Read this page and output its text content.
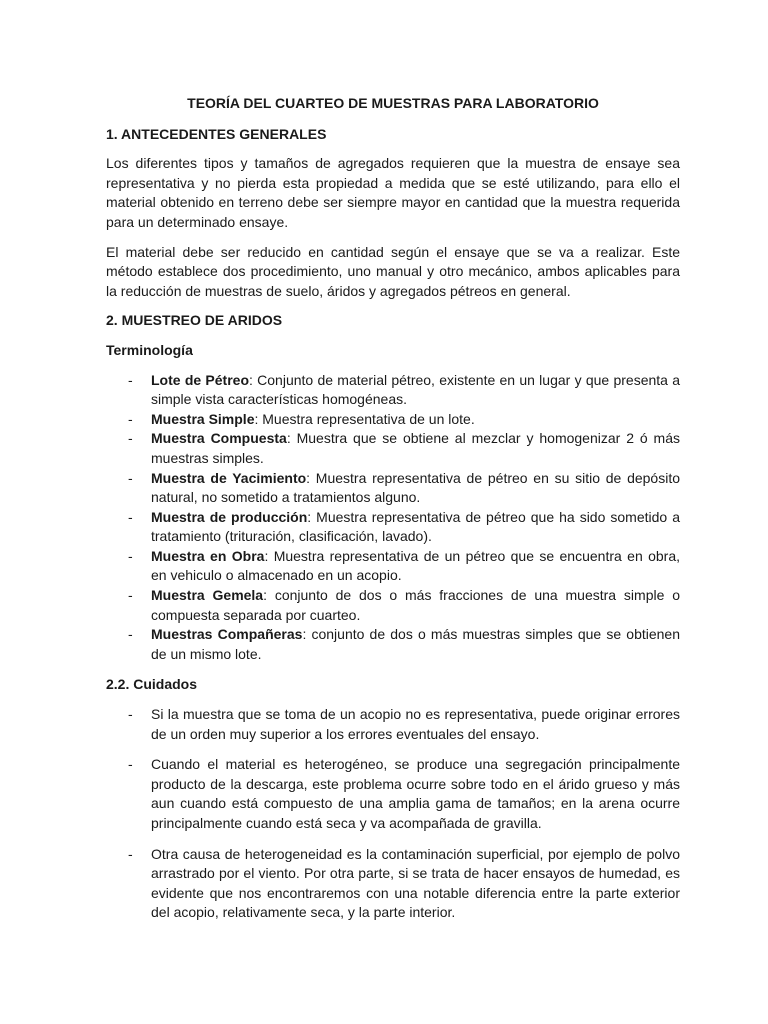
TEORÍA DEL CUARTEO DE MUESTRAS PARA LABORATORIO
1. ANTECEDENTES GENERALES
Los diferentes tipos y tamaños de agregados requieren que la muestra de ensaye sea representativa y no pierda esta propiedad a medida que se esté utilizando, para ello el material obtenido en terreno debe ser siempre mayor en cantidad que la muestra requerida para un determinado ensaye.
El material debe ser reducido en cantidad según el ensaye que se va a realizar. Este método establece dos procedimiento, uno manual y otro mecánico, ambos aplicables para la reducción de muestras de suelo, áridos y agregados pétreos en general.
2. MUESTREO DE ARIDOS
Terminología
- Lote de Pétreo: Conjunto de material pétreo, existente en un lugar y que presenta a simple vista características homogéneas.
- Muestra Simple: Muestra representativa de un lote.
- Muestra Compuesta: Muestra que se obtiene al mezclar y homogenizar 2 ó más muestras simples.
- Muestra de Yacimiento: Muestra representativa de pétreo en su sitio de depósito natural, no sometido a tratamientos alguno.
- Muestra de producción: Muestra representativa de pétreo que ha sido sometido a tratamiento (trituración, clasificación, lavado).
- Muestra en Obra: Muestra representativa de un pétreo que se encuentra en obra, en vehiculo o almacenado en un acopio.
- Muestra Gemela: conjunto de dos o más fracciones de una muestra simple o compuesta separada por cuarteo.
- Muestras Compañeras: conjunto de dos o más muestras simples que se obtienen de un mismo lote.
2.2. Cuidados
- Si la muestra que se toma de un acopio no es representativa, puede originar errores de un orden muy superior a los errores eventuales del ensayo.
- Cuando el material es heterogéneo, se produce una segregación principalmente producto de la descarga, este problema ocurre sobre todo en el árido grueso y más aun cuando está compuesto de una amplia gama de tamaños; en la arena ocurre principalmente cuando está seca y va acompañada de gravilla.
- Otra causa de heterogeneidad es la contaminación superficial, por ejemplo de polvo arrastrado por el viento. Por otra parte, si se trata de hacer ensayos de humedad, es evidente que nos encontraremos con una notable diferencia entre la parte exterior del acopio, relativamente seca, y la parte interior.
